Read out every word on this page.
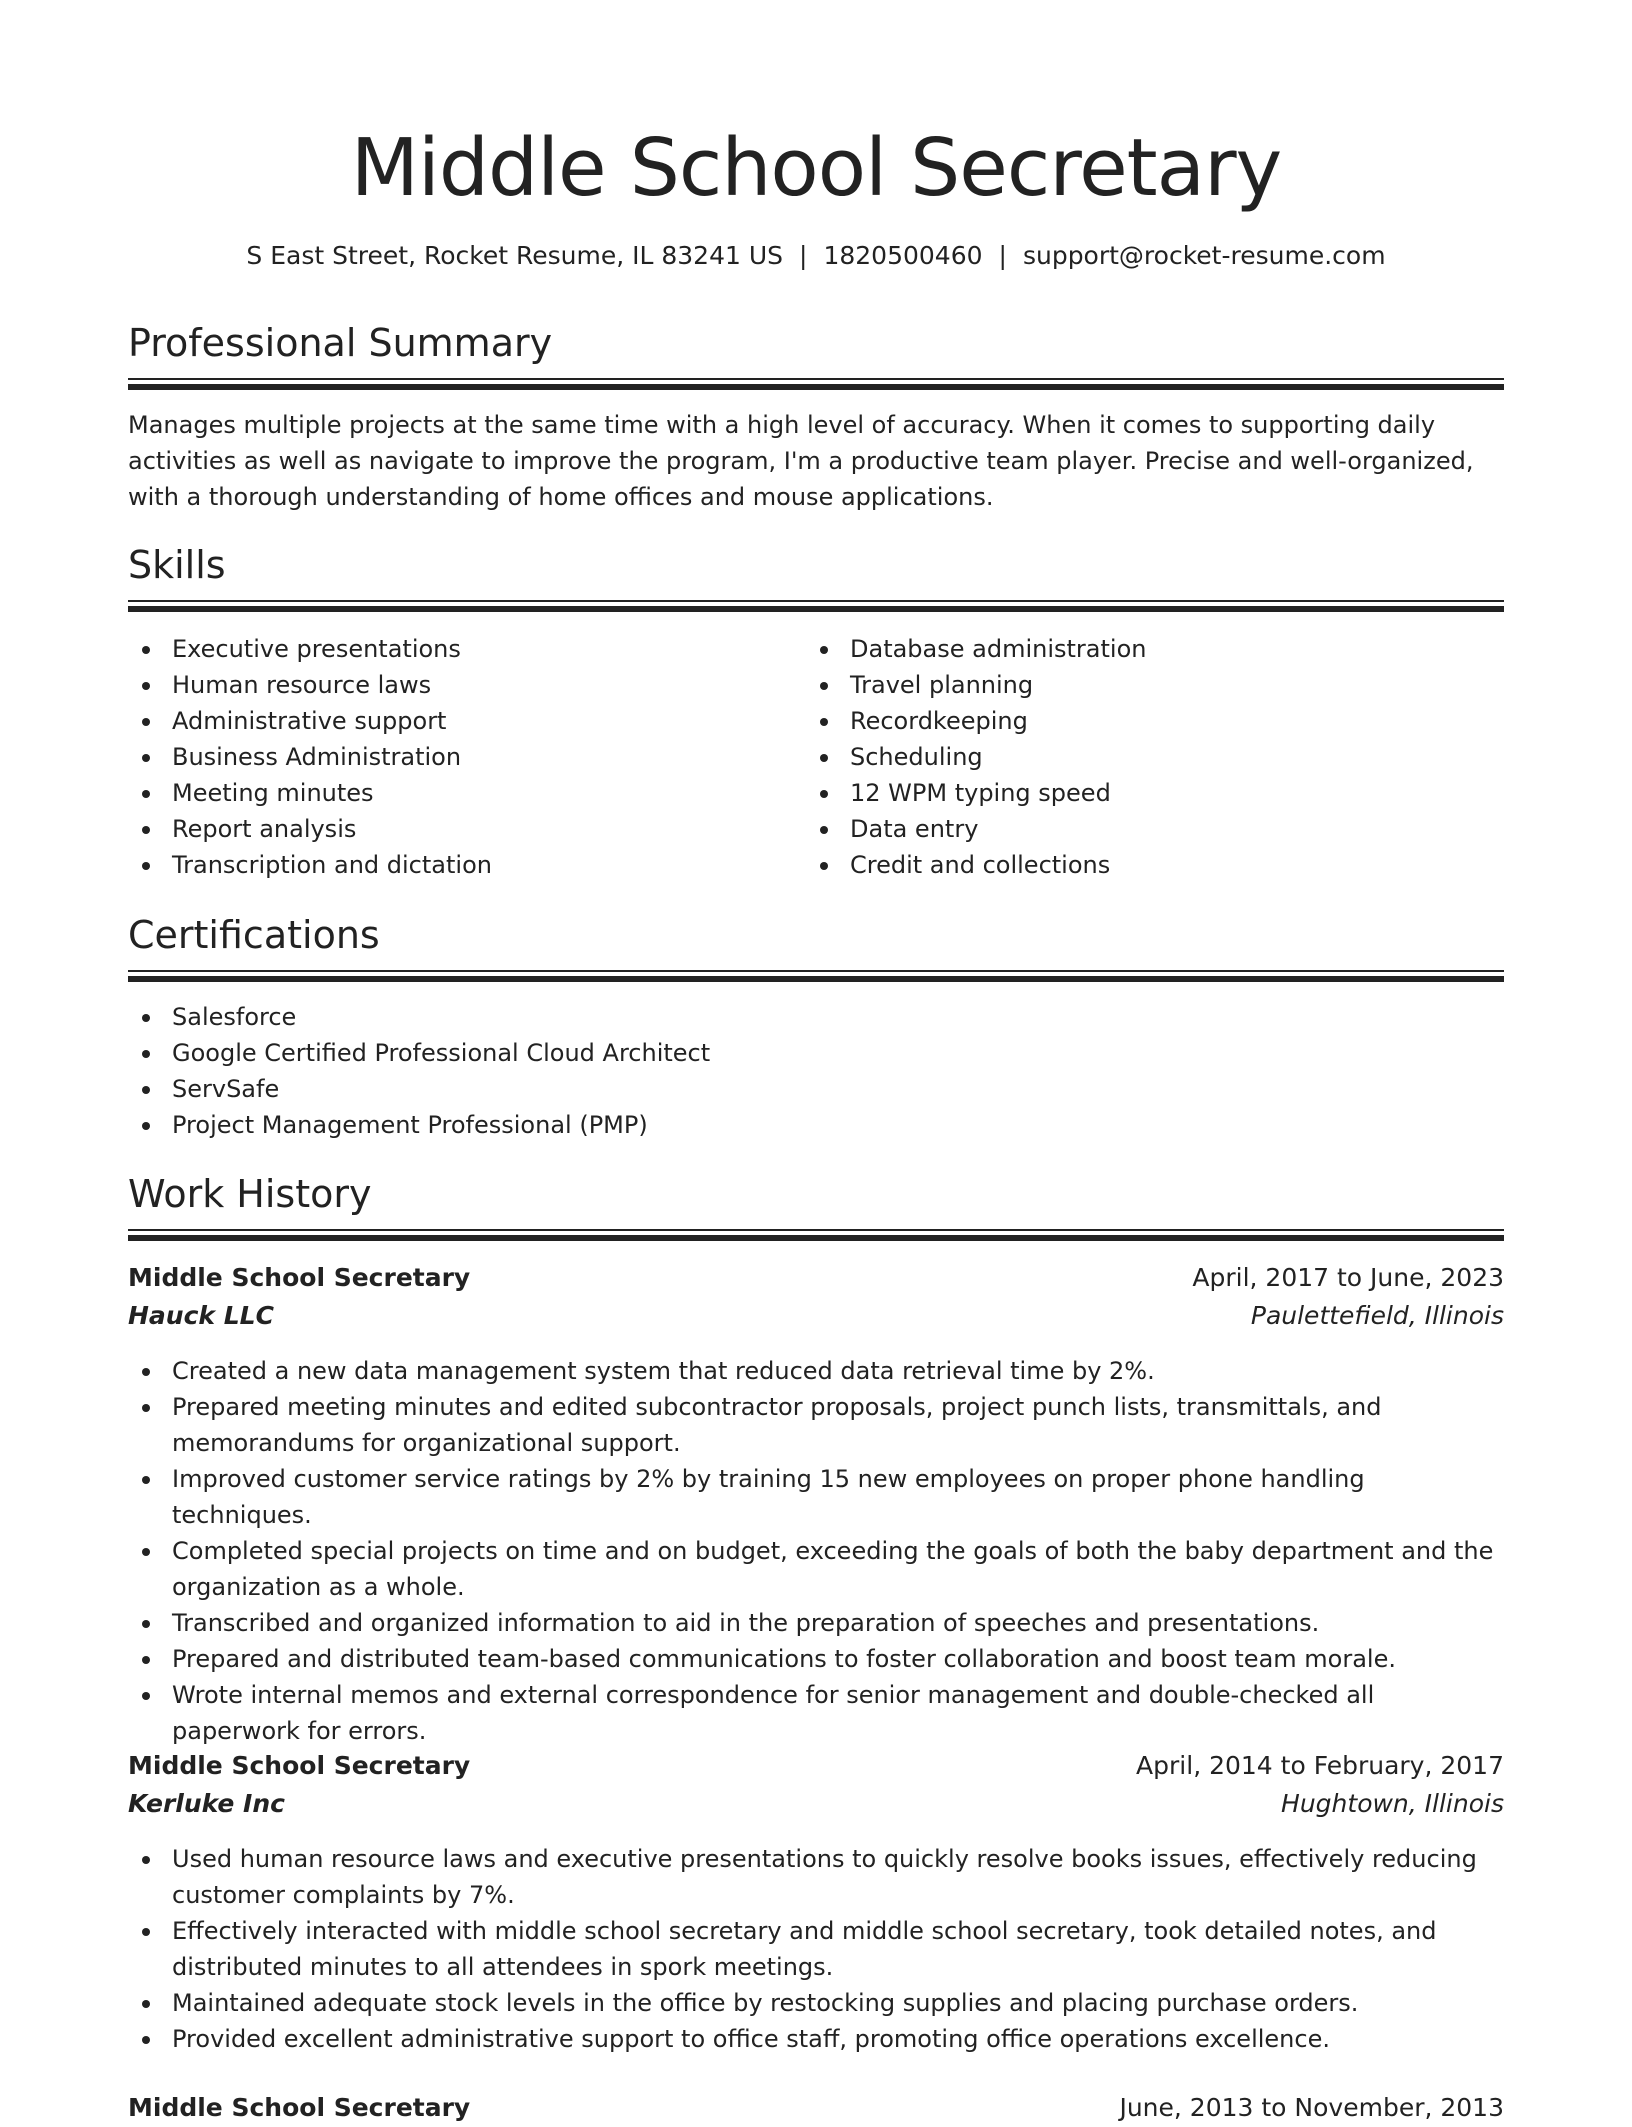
Middle School Secretary
S East Street, Rocket Resume, IL 83241 US | 1820500460 | support@rocket-resume.com
Professional Summary

Manages multiple projects at the same time with a high level of accuracy. When it comes to supporting daily activities as well as navigate to improve the program, I'm a productive team player. Precise and well-organized, with a thorough understanding of home offices and mouse applications.

Skills
Executive presentations
Human resource laws
Administrative support
Business Administration
Meeting minutes
Report analysis
Transcription and dictation
Database administration
Travel planning
Recordkeeping
Scheduling
12 WPM typing speed
Data entry
Credit and collections
Certifications
Salesforce
Google Certified Professional Cloud Architect
ServSafe
Project Management Professional (PMP)
Work History
Middle School Secretary	April, 2017 to June, 2023
Hauck LLC	Paulettefield, Illinois
Created a new data management system that reduced data retrieval time by 2%.
Prepared meeting minutes and edited subcontractor proposals, project punch lists, transmittals, and memorandums for organizational support.
Improved customer service ratings by 2% by training 15 new employees on proper phone handling techniques.
Completed special projects on time and on budget, exceeding the goals of both the baby department and the organization as a whole.
Transcribed and organized information to aid in the preparation of speeches and presentations.
Prepared and distributed team-based communications to foster collaboration and boost team morale.
Wrote internal memos and external correspondence for senior management and double-checked all paperwork for errors.
Middle School Secretary	April, 2014 to February, 2017
Kerluke Inc	Hughtown, Illinois
Used human resource laws and executive presentations to quickly resolve books issues, effectively reducing customer complaints by 7%.
Effectively interacted with middle school secretary and middle school secretary, took detailed notes, and distributed minutes to all attendees in spork meetings.
Maintained adequate stock levels in the office by restocking supplies and placing purchase orders.
Provided excellent administrative support to office staff, promoting office operations excellence.
Middle School Secretary	June, 2013 to November, 2013
